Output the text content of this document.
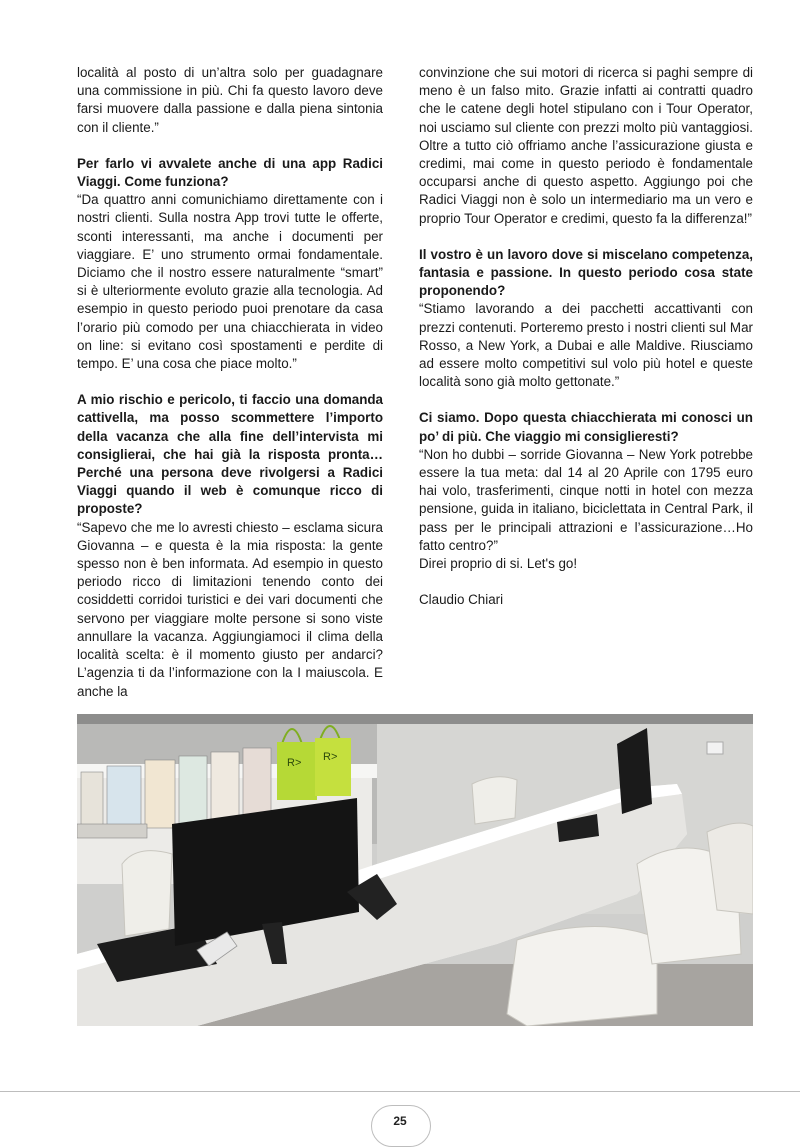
località al posto di un’altra solo per guadagnare una commissione in più. Chi fa questo lavoro deve farsi muovere dalla passione e dalla piena sintonia con il cliente.”

Per farlo vi avvalete anche di una app Radici Viaggi. Come funziona?

“Da quattro anni comunichiamo direttamente con i nostri clienti. Sulla nostra App trovi tutte le offerte, sconti interessanti, ma anche i documenti per viaggiare. E’ uno strumento ormai fondamentale. Diciamo che il nostro essere naturalmente “smart” si è ulteriormente evoluto grazie alla tecnologia. Ad esempio in questo periodo puoi prenotare da casa l’orario più comodo per una chiacchierata in video on line: si evitano così spostamenti e perdite di tempo. E’ una cosa che piace molto.”

A mio rischio e pericolo, ti faccio una domanda cattivella, ma posso scommettere l’importo della vacanza che alla fine dell’intervista mi consiglierai, che hai già la risposta pronta… Perché una persona deve rivolgersi a Radici Viaggi quando il web è comunque ricco di proposte?

“Sapevo che me lo avresti chiesto – esclama sicura Giovanna – e questa è la mia risposta: la gente spesso non è ben informata. Ad esempio in questo periodo ricco di limitazioni tenendo conto dei cosiddetti corridoi turistici e dei vari documenti che servono per viaggiare molte persone si sono viste annullare la vacanza. Aggiungiamoci il clima della località scelta: è il momento giusto per andarci? L’agenzia ti da l’informazione con la I maiuscola. E anche la

convinzione che sui motori di ricerca si paghi sempre di meno è un falso mito. Grazie infatti ai contratti quadro che le catene degli hotel stipulano con i Tour Operator, noi usciamo sul cliente con prezzi molto più vantaggiosi. Oltre a tutto ciò offriamo anche l’assicurazione giusta e credimi, mai come in questo periodo è fondamentale occuparsi anche di questo aspetto. Aggiungo poi che Radici Viaggi non è solo un intermediario ma un vero e proprio Tour Operator e credimi, questo fa la differenza!”

Il vostro è un lavoro dove si miscelano competenza, fantasia e passione. In questo periodo cosa state proponendo?

“Stiamo lavorando a dei pacchetti accattivanti con prezzi contenuti. Porteremo presto i nostri clienti sul Mar Rosso, a New York, a Dubai e alle Maldive. Riusciamo ad essere molto competitivi sul volo più hotel e queste località sono già molto gettonate.”

Ci siamo. Dopo questa chiacchierata mi conosci un po’ di più. Che viaggio mi consiglieresti?

“Non ho dubbi – sorride Giovanna – New York potrebbe essere la tua meta: dal 14 al 20 Aprile con 1795 euro hai volo, trasferimenti, cinque notti in hotel con mezza pensione, guida in italiano, biciclettata in Central Park, il pass per le principali attrazioni e l’assicurazione…Ho fatto centro?”

Direi proprio di si. Let's go!

Claudio Chiari

R> R>
25
